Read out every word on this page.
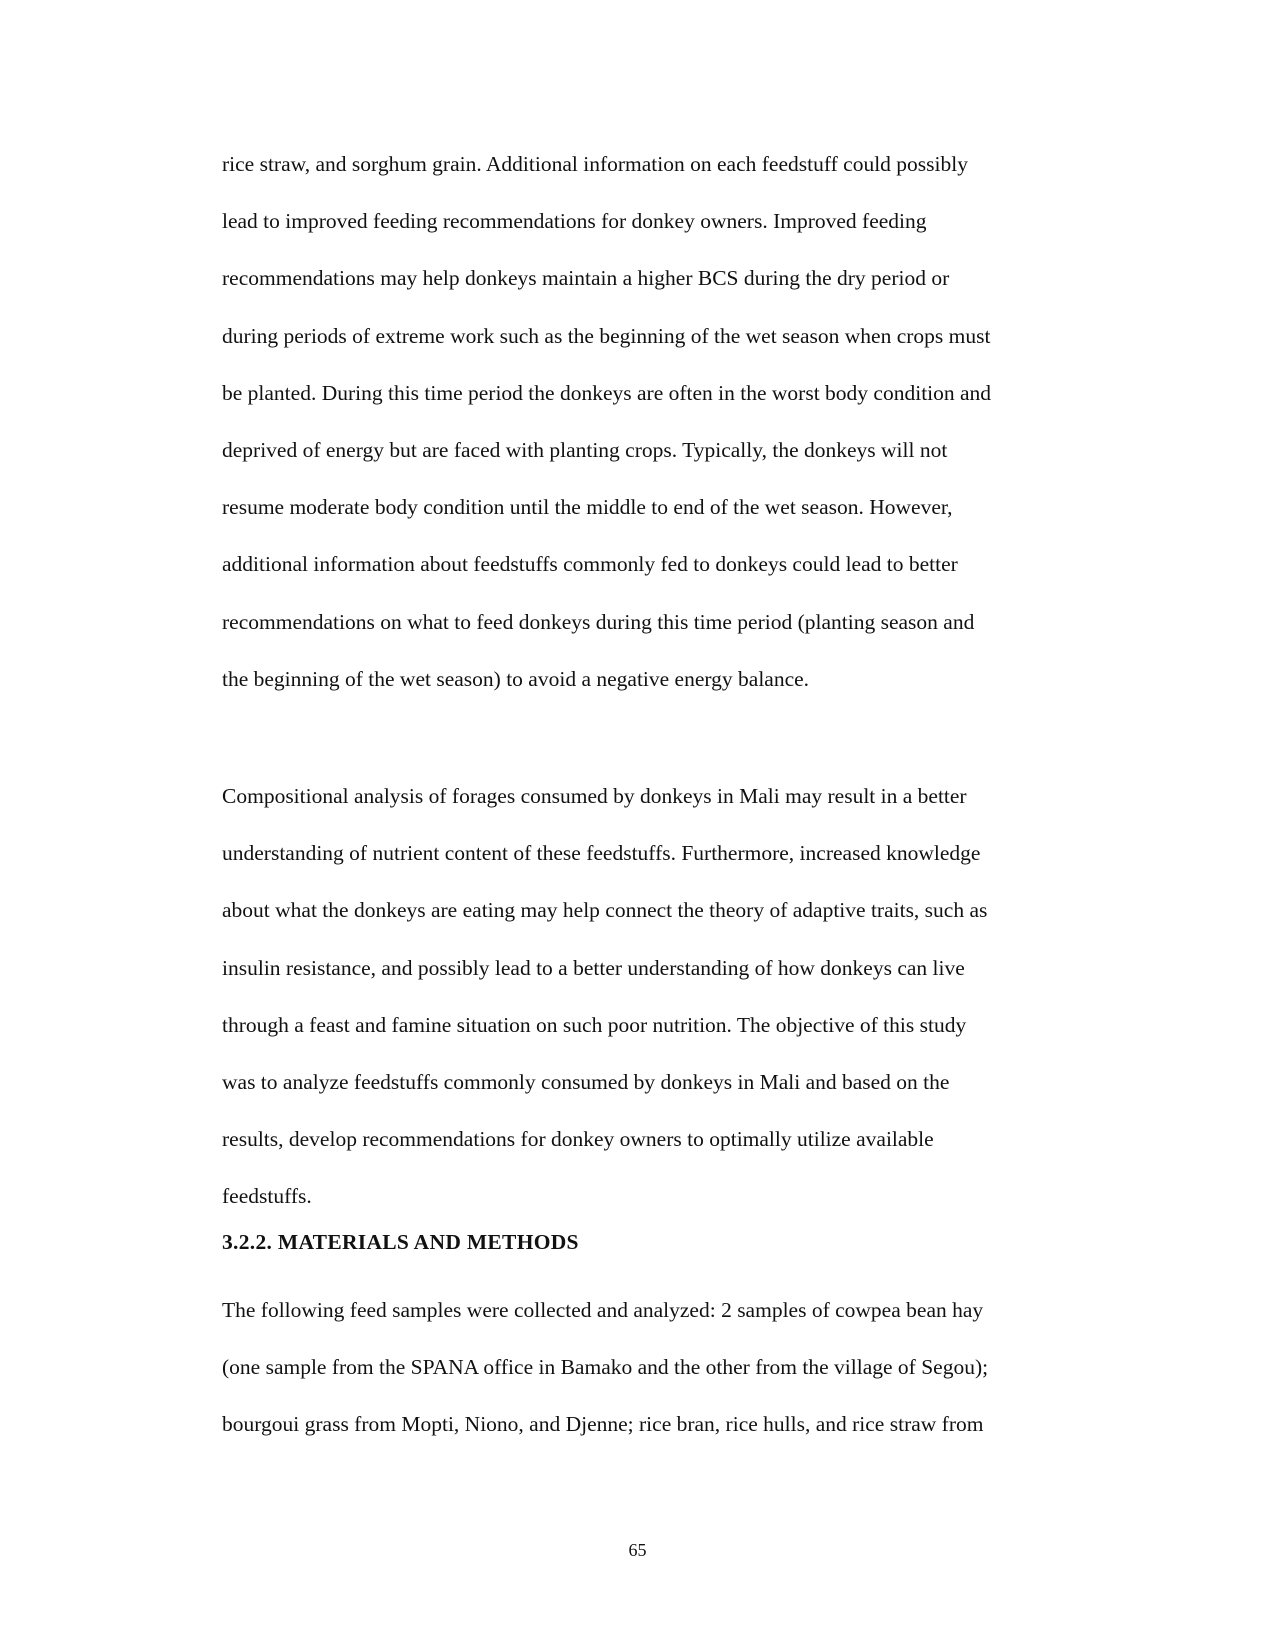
rice straw, and sorghum grain. Additional information on each feedstuff could possibly
lead to improved feeding recommendations for donkey owners. Improved feeding
recommendations may help donkeys maintain a higher BCS during the dry period or
during periods of extreme work such as the beginning of the wet season when crops must
be planted. During this time period the donkeys are often in the worst body condition and
deprived of energy but are faced with planting crops. Typically, the donkeys will not
resume moderate body condition until the middle to end of the wet season. However,
additional information about feedstuffs commonly fed to donkeys could lead to better
recommendations on what to feed donkeys during this time period (planting season and
the beginning of the wet season) to avoid a negative energy balance.

Compositional analysis of forages consumed by donkeys in Mali may result in a better
understanding of nutrient content of these feedstuffs. Furthermore, increased knowledge
about what the donkeys are eating may help connect the theory of adaptive traits, such as
insulin resistance, and possibly lead to a better understanding of how donkeys can live
through a feast and famine situation on such poor nutrition. The objective of this study
was to analyze feedstuffs commonly consumed by donkeys in Mali and based on the
results, develop recommendations for donkey owners to optimally utilize available
feedstuffs.

3.2.2. MATERIALS AND METHODS

The following feed samples were collected and analyzed: 2 samples of cowpea bean hay
(one sample from the SPANA office in Bamako and the other from the village of Segou);
bourgoui grass from Mopti, Niono, and Djenne; rice bran, rice hulls, and rice straw from

65
